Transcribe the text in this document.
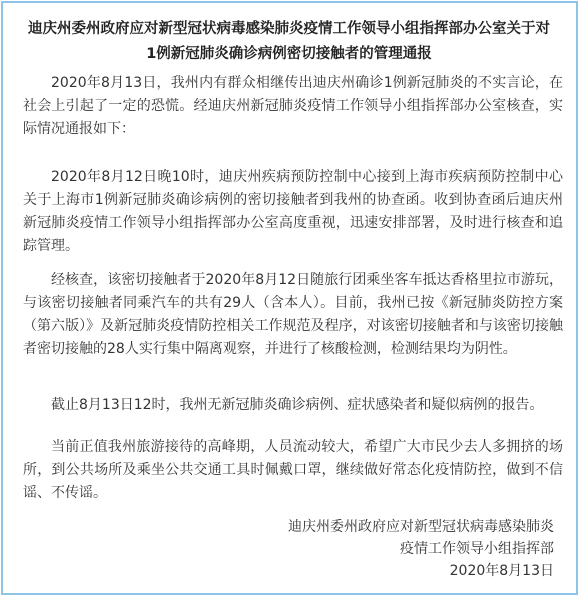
迪庆州委州政府应对新型冠状病毒感染肺炎疫情工作领导小组指挥部办公室关于对1例新冠肺炎确诊病例密切接触者的管理通报

2020年8月13日，我州内有群众相继传出迪庆州确诊1例新冠肺炎的不实言论，在社会上引起了一定的恐慌。经迪庆州新冠肺炎疫情工作领导小组指挥部办公室核查，实际情况通报如下：

2020年8月12日晚10时，迪庆州疾病预防控制中心接到上海市疾病预防控制中心关于上海市1例新冠肺炎确诊病例的密切接触者到我州的协查函。收到协查函后迪庆州新冠肺炎疫情工作领导小组指挥部办公室高度重视，迅速安排部署，及时进行核查和追踪管理。

经核查，该密切接触者于2020年8月12日随旅行团乘坐客车抵达香格里拉市游玩，与该密切接触者同乘汽车的共有29人（含本人）。目前，我州已按《新冠肺炎防控方案（第六版）》及新冠肺炎疫情防控相关工作规范及程序，对该密切接触者和与该密切接触者密切接触的28人实行集中隔离观察，并进行了核酸检测，检测结果均为阴性。

截止8月13日12时，我州无新冠肺炎确诊病例、症状感染者和疑似病例的报告。

当前正值我州旅游接待的高峰期，人员流动较大，希望广大市民少去人多拥挤的场所，到公共场所及乘坐公共交通工具时佩戴口罩，继续做好常态化疫情防控，做到不信谣、不传谣。

迪庆州委州政府应对新型冠状病毒感染肺炎
疫情工作领导小组指挥部
2020年8月13日
